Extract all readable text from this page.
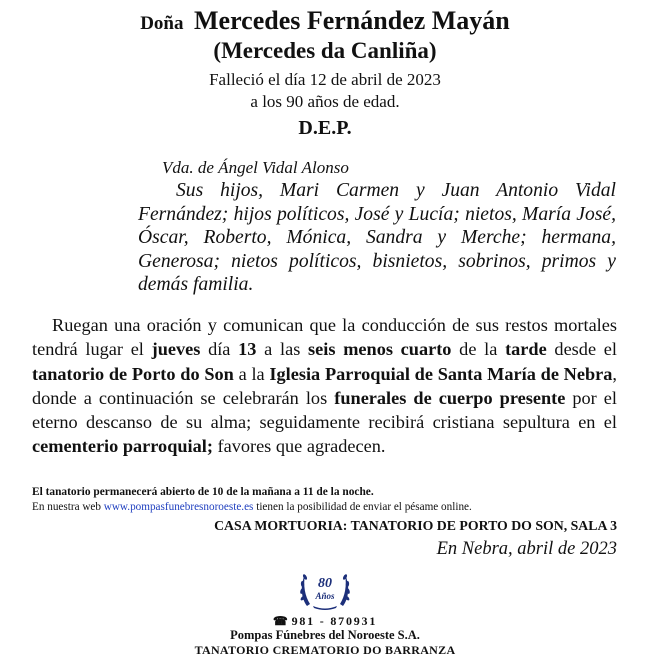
Doña Mercedes Fernández Mayán
(Mercedes da Canliña)
Falleció el día 12 de abril de 2023
a los 90 años de edad.
D.E.P.
Vda. de Ángel Vidal Alonso
Sus hijos, Mari Carmen y Juan Antonio Vidal Fernández; hijos políticos, José y Lucía; nietos, María José, Óscar, Roberto, Mónica, Sandra y Merche; hermana, Generosa; nietos políticos, bisnietos, sobrinos, primos y demás familia.
Ruegan una oración y comunican que la conducción de sus restos mortales tendrá lugar el jueves día 13 a las seis menos cuarto de la tarde desde el tanatorio de Porto do Son a la Iglesia Parroquial de Santa María de Nebra, donde a continuación se celebrarán los funerales de cuerpo presente por el eterno descanso de su alma; seguidamente recibirá cristiana sepultura en el cementerio parroquial; favores que agradecen.
El tanatorio permanecerá abierto de 10 de la mañana a 11 de la noche.
En nuestra web www.pompasfunebresnoroeste.es tienen la posibilidad de enviar el pésame online.
CASA MORTUORIA: TANATORIO DE PORTO DO SON, SALA 3
En Nebra, abril de 2023
80
Años
☎ 981 - 870931
Pompas Fúnebres del Noroeste S.A.
TANATORIO CREMATORIO DO BARRANZA
